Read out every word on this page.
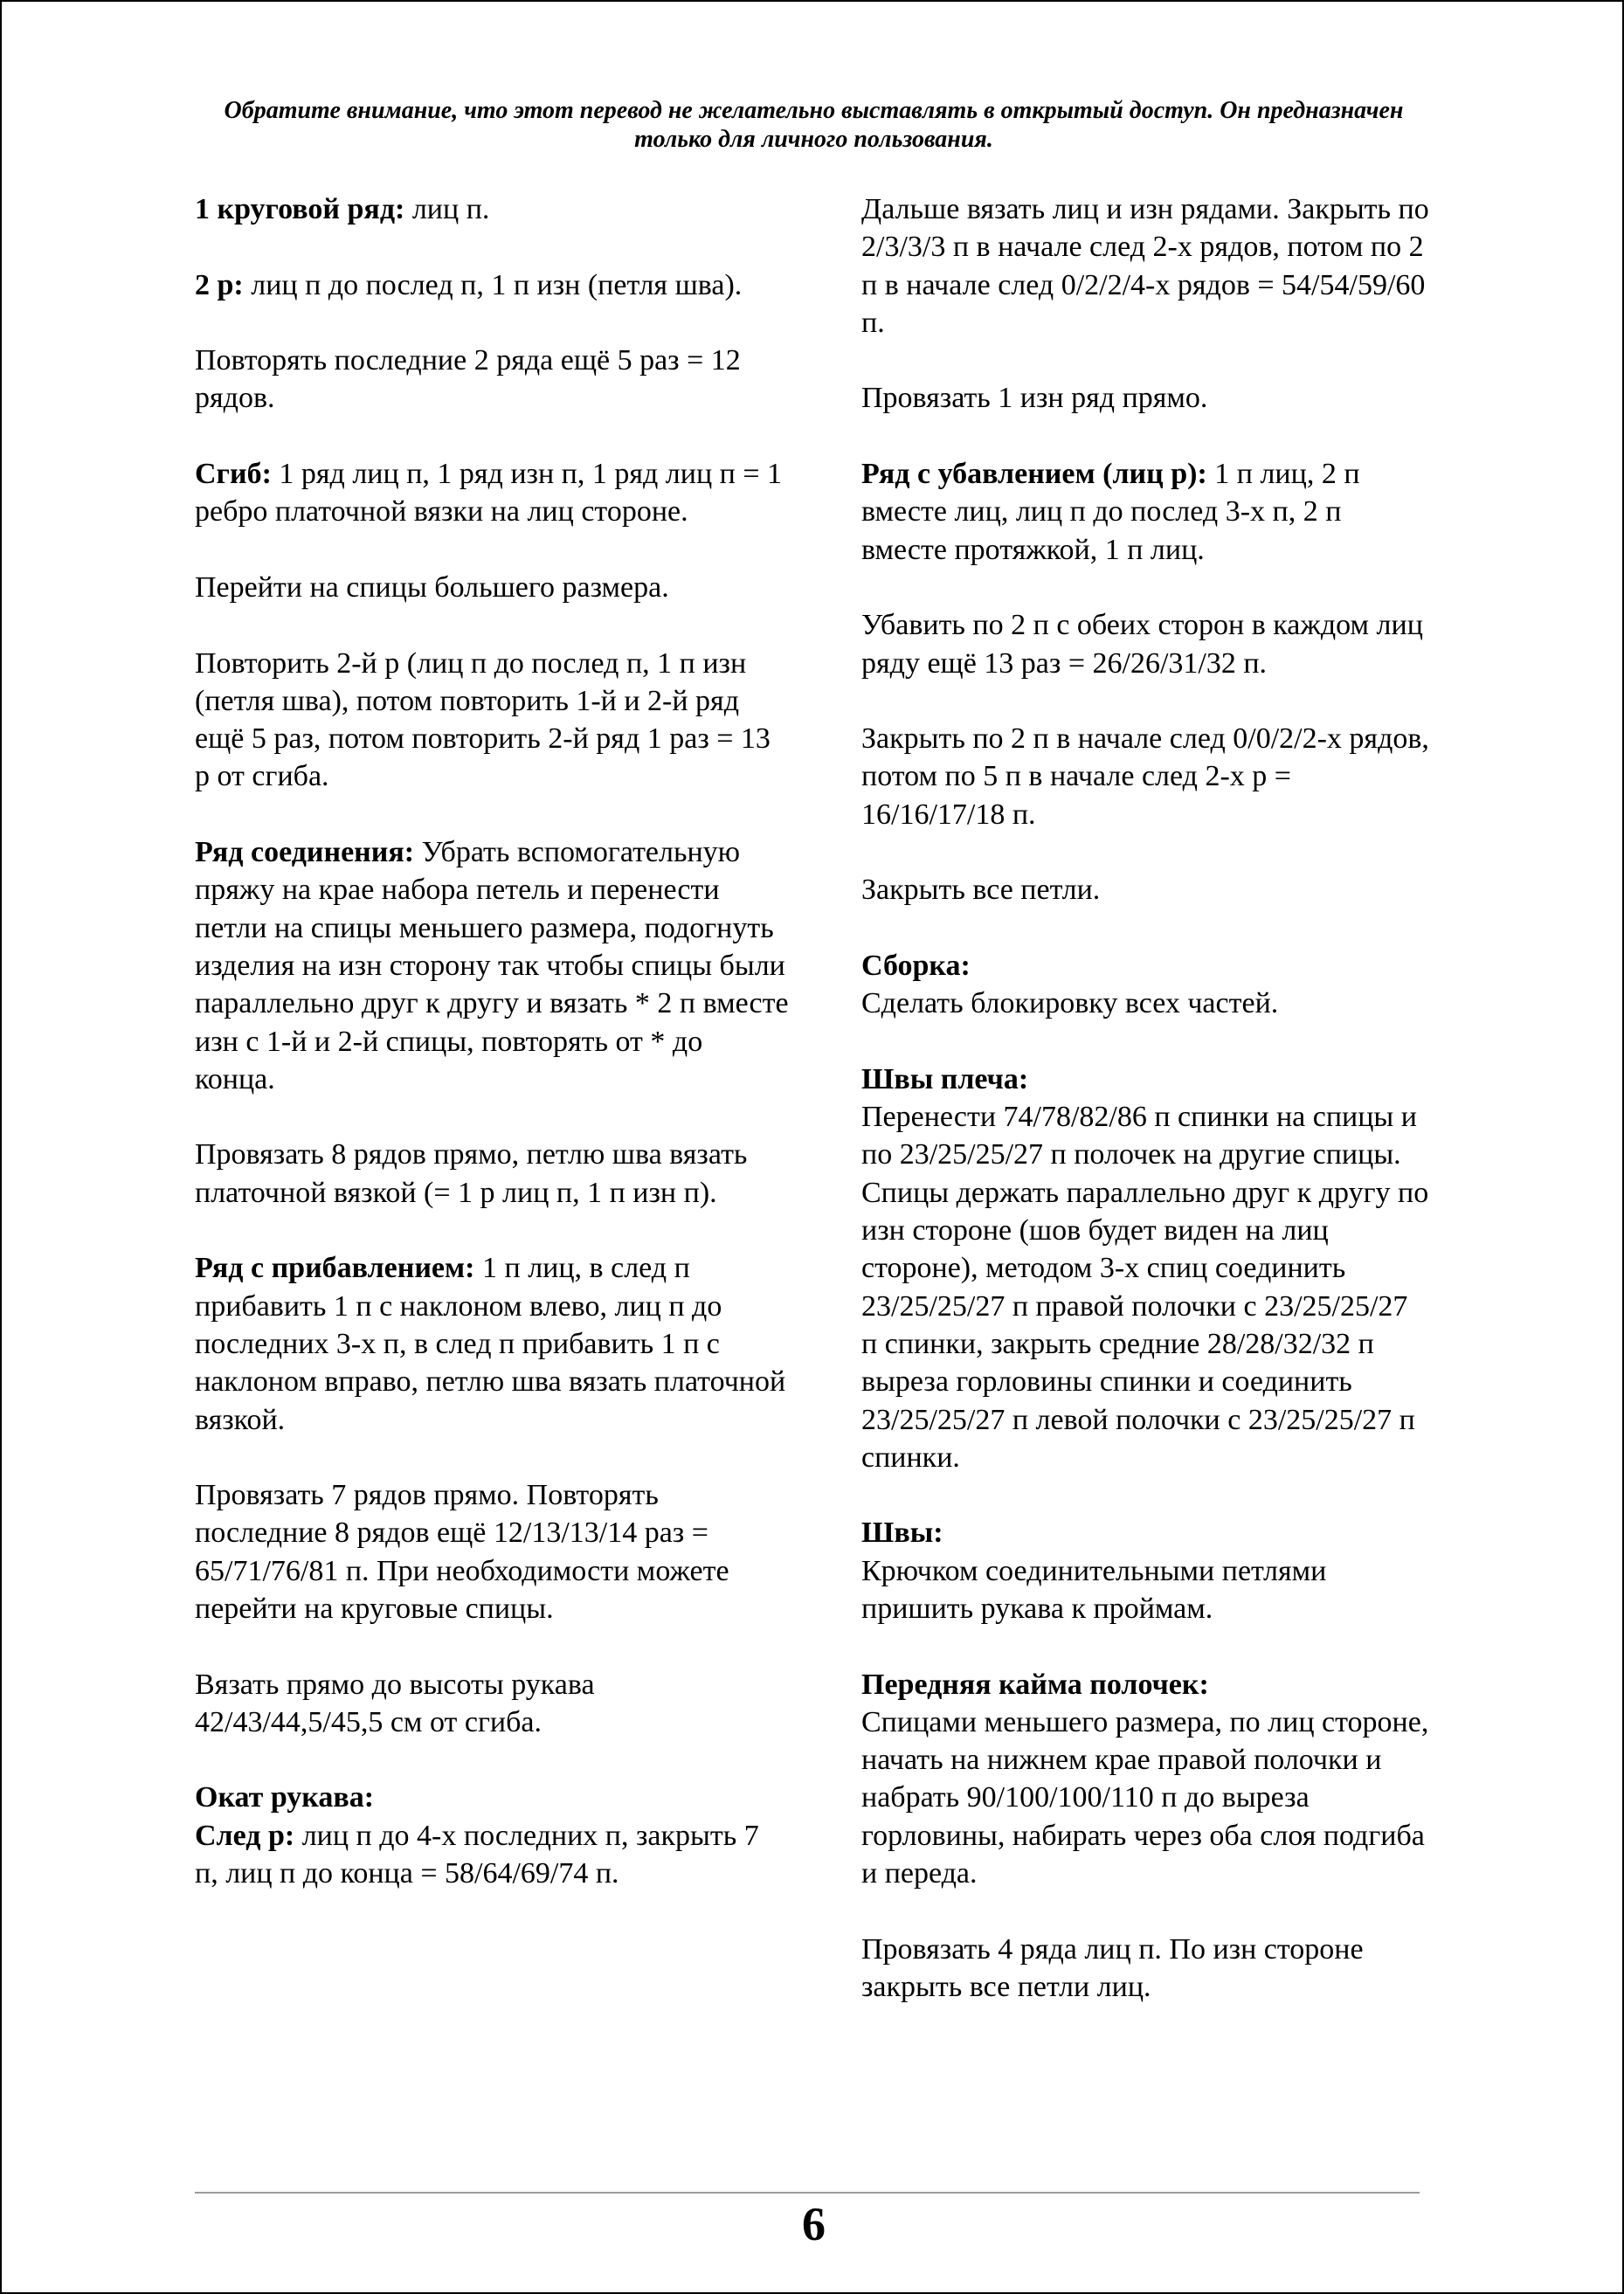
Обратите внимание, что этот перевод не желательно выставлять в открытый доступ. Он предназначен только для личного пользования.

1 круговой ряд: лиц п.

2 р: лиц п до послед п, 1 п изн (петля шва).

Повторять последние 2 ряда ещё 5 раз = 12 рядов.

Сгиб: 1 ряд лиц п, 1 ряд изн п, 1 ряд лиц п = 1 ребро платочной вязки на лиц стороне.

Перейти на спицы большего размера.

Повторить 2-й р (лиц п до послед п, 1 п изн (петля шва), потом повторить 1-й и 2-й ряд ещё 5 раз, потом повторить 2-й ряд 1 раз = 13 р от сгиба.

Ряд соединения: Убрать вспомогательную пряжу на крае набора петель и перенести петли на спицы меньшего размера, подогнуть изделия на изн сторону так чтобы спицы были параллельно друг к другу и вязать * 2 п вместе изн с 1-й и 2-й спицы, повторять от * до конца.

Провязать 8 рядов прямо, петлю шва вязать платочной вязкой (= 1 р лиц п, 1 п изн п).

Ряд с прибавлением: 1 п лиц, в след п прибавить 1 п с наклоном влево, лиц п до последних 3-х п, в след п прибавить 1 п с наклоном вправо, петлю шва вязать платочной вязкой.

Провязать 7 рядов прямо. Повторять последние 8 рядов ещё 12/13/13/14 раз = 65/71/76/81 п. При необходимости можете перейти на круговые спицы.

Вязать прямо до высоты рукава 42/43/44,5/45,5 см от сгиба.

Окат рукава:
След р: лиц п до 4-х последних п, закрыть 7 п, лиц п до конца = 58/64/69/74 п.

Дальше вязать лиц и изн рядами. Закрыть по 2/3/3/3 п в начале след 2-х рядов, потом по 2 п в начале след 0/2/2/4-х рядов = 54/54/59/60 п.

Провязать 1 изн ряд прямо.

Ряд с убавлением (лиц р): 1 п лиц, 2 п вместе лиц, лиц п до послед 3-х п, 2 п вместе протяжкой, 1 п лиц.

Убавить по 2 п с обеих сторон в каждом лиц ряду ещё 13 раз = 26/26/31/32 п.

Закрыть по 2 п в начале след 0/0/2/2-х рядов, потом по 5 п в начале след 2-х р = 16/16/17/18 п.

Закрыть все петли.

Сборка:
Сделать блокировку всех частей.

Швы плеча:
Перенести 74/78/82/86 п спинки на спицы и по 23/25/25/27 п полочек на другие спицы. Спицы держать параллельно друг к другу по изн стороне (шов будет виден на лиц стороне), методом 3-х спиц соединить 23/25/25/27 п правой полочки с 23/25/25/27 п спинки, закрыть средние 28/28/32/32 п выреза горловины спинки и соединить 23/25/25/27 п левой полочки с 23/25/25/27 п спинки.

Швы:
Крючком соединительными петлями пришить рукава к проймам.

Передняя кайма полочек:
Спицами меньшего размера, по лиц стороне, начать на нижнем крае правой полочки и набрать 90/100/100/110 п до выреза горловины, набирать через оба слоя подгиба и переда.

Провязать 4 ряда лиц п. По изн стороне закрыть все петли лиц.

6
